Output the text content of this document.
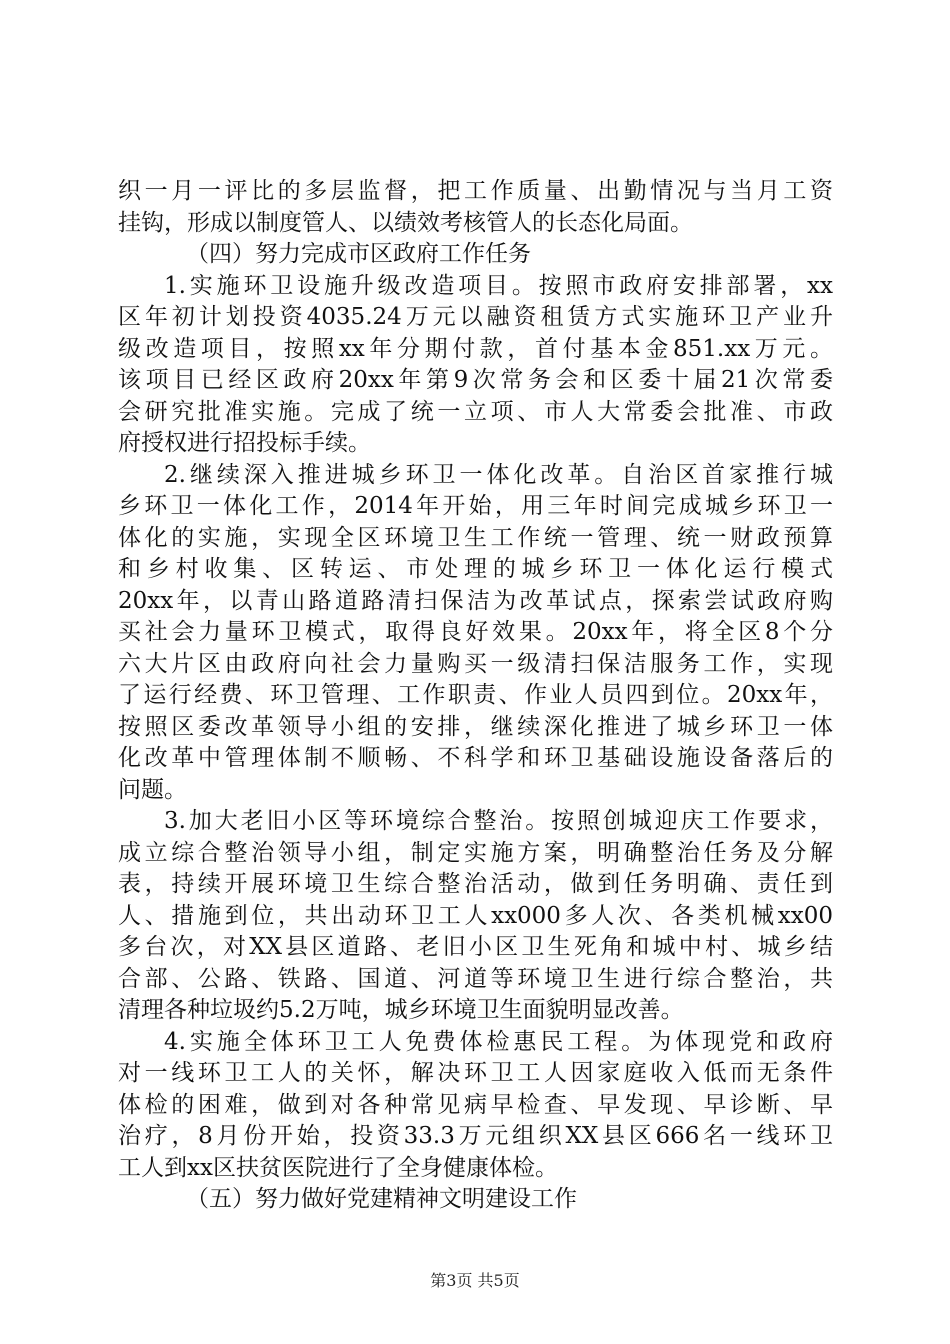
织一月一评比的多层监督，把工作质量、出勤情况与当月工资
挂钩，形成以制度管人、以绩效考核管人的长态化局面。
（四）努力完成市区政府工作任务
1.实施环卫设施升级改造项目。按照市政府安排部署，xx
区年初计划投资4035.24万元以融资租赁方式实施环卫产业升
级改造项目，按照xx年分期付款，首付基本金851.xx万元。
该项目已经区政府20xx年第9次常务会和区委十届21次常委
会研究批准实施。完成了统一立项、市人大常委会批准、市政
府授权进行招投标手续。
2.继续深入推进城乡环卫一体化改革。自治区首家推行城
乡环卫一体化工作，2014年开始，用三年时间完成城乡环卫一
体化的实施，实现全区环境卫生工作统一管理、统一财政预算
和乡村收集、区转运、市处理的城乡环卫一体化运行模式
20xx年，以青山路道路清扫保洁为改革试点，探索尝试政府购
买社会力量环卫模式，取得良好效果。20xx年，将全区8个分
六大片区由政府向社会力量购买一级清扫保洁服务工作，实现
了运行经费、环卫管理、工作职责、作业人员四到位。20xx年，
按照区委改革领导小组的安排，继续深化推进了城乡环卫一体
化改革中管理体制不顺畅、不科学和环卫基础设施设备落后的
问题。
3.加大老旧小区等环境综合整治。按照创城迎庆工作要求，
成立综合整治领导小组，制定实施方案，明确整治任务及分解
表，持续开展环境卫生综合整治活动，做到任务明确、责任到
人、措施到位，共出动环卫工人xx000多人次、各类机械xx00
多台次，对XX县区道路、老旧小区卫生死角和城中村、城乡结
合部、公路、铁路、国道、河道等环境卫生进行综合整治，共
清理各种垃圾约5.2万吨，城乡环境卫生面貌明显改善。
4.实施全体环卫工人免费体检惠民工程。为体现党和政府
对一线环卫工人的关怀，解决环卫工人因家庭收入低而无条件
体检的困难，做到对各种常见病早检查、早发现、早诊断、早
治疗，8月份开始，投资33.3万元组织XX县区666名一线环卫
工人到xx区扶贫医院进行了全身健康体检。
（五）努力做好党建精神文明建设工作
第3页 共5页
